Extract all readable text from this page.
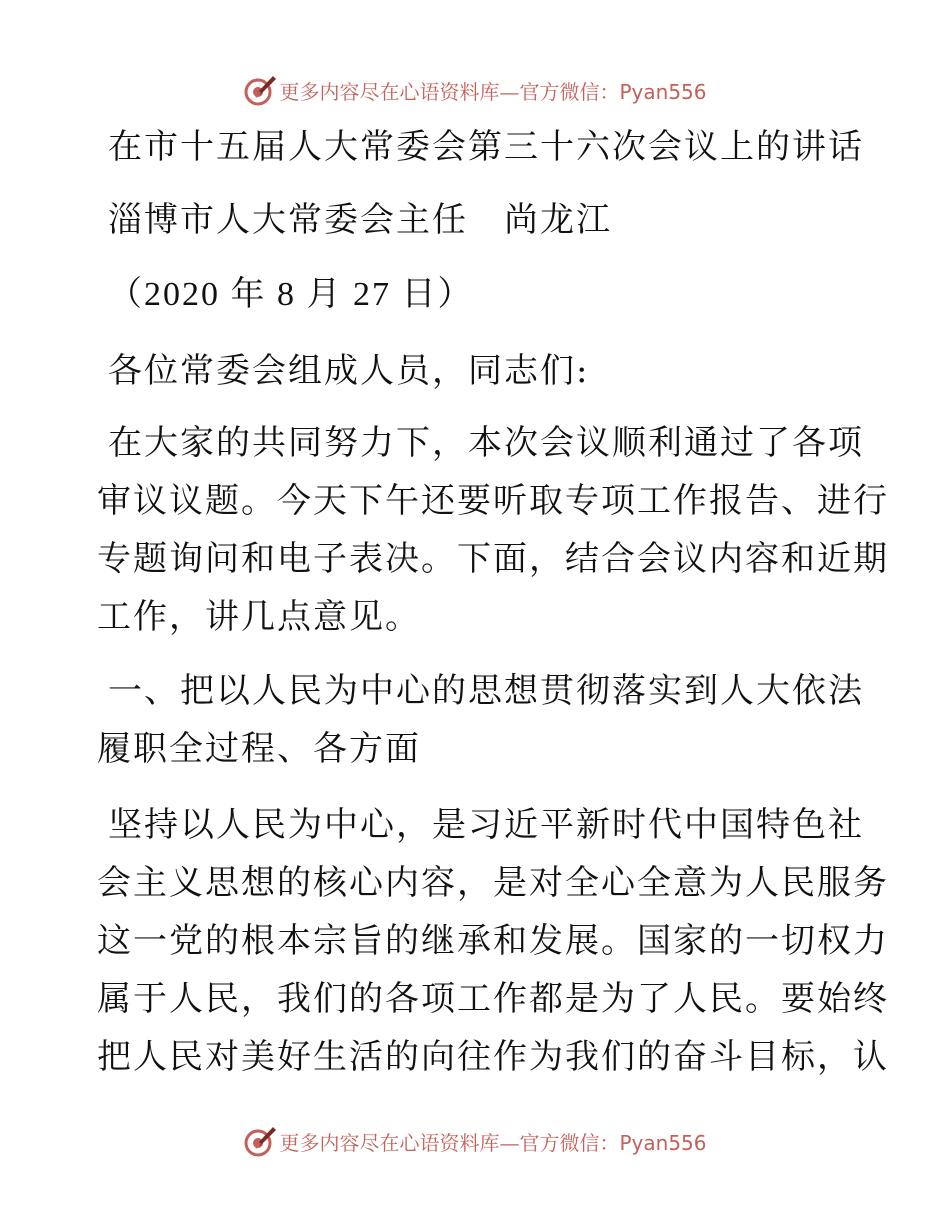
更多内容尽在心语资料库—官方微信：Pyan556
在市十五届人大常委会第三十六次会议上的讲话
淄博市人大常委会主任　尚龙江
（2020 年 8 月 27 日）
各位常委会组成人员，同志们:
在大家的共同努力下，本次会议顺利通过了各项
审议议题。今天下午还要听取专项工作报告、进行
专题询问和电子表决。下面，结合会议内容和近期
工作，讲几点意见。
一、把以人民为中心的思想贯彻落实到人大依法
履职全过程、各方面
坚持以人民为中心，是习近平新时代中国特色社
会主义思想的核心内容，是对全心全意为人民服务
这一党的根本宗旨的继承和发展。国家的一切权力
属于人民，我们的各项工作都是为了人民。要始终
把人民对美好生活的向往作为我们的奋斗目标，认
更多内容尽在心语资料库—官方微信：Pyan556
